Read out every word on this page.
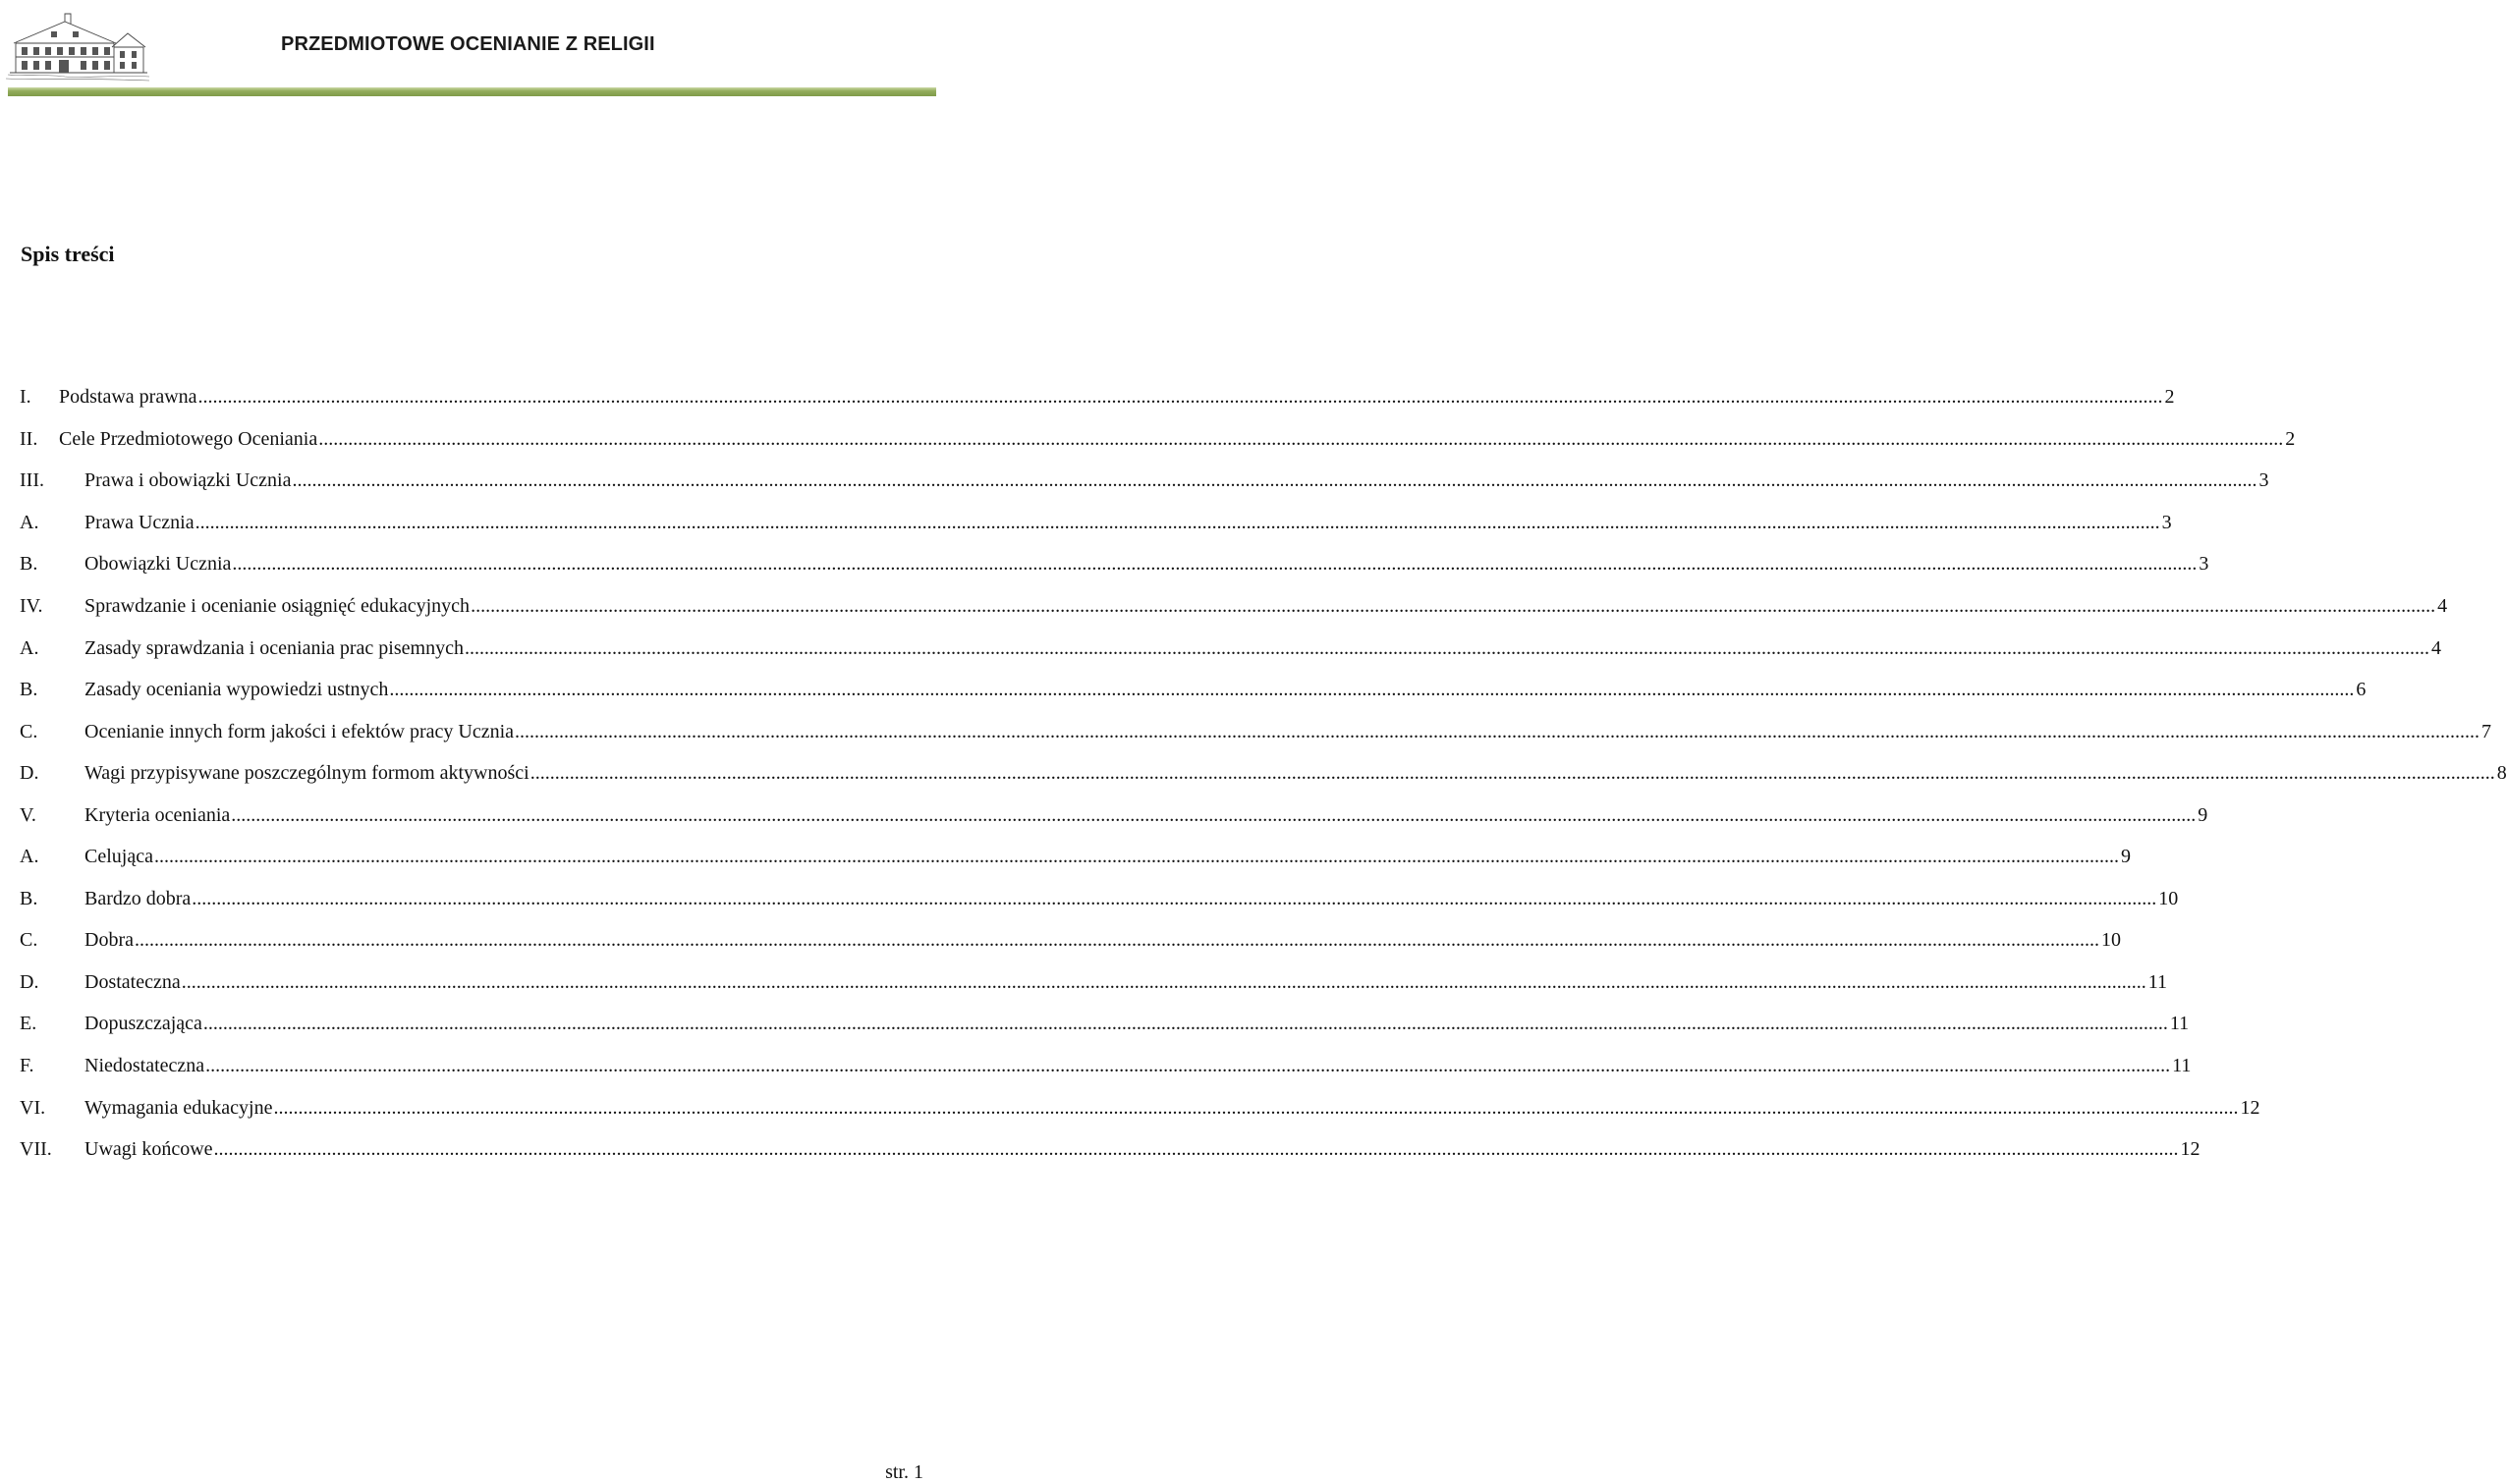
PRZEDMIOTOWE OCENIANIE Z RELIGII
Spis treści
I.	Podstawa prawna ................................................................................................................................................................................................................................................................................................................................................................................................................ 2
II.	Cele Przedmiotowego Oceniania ................................................................................................................................................................................................................................................................................................................................................................................................................ 2
III.	Prawa i obowiązki Ucznia ................................................................................................................................................................................................................................................................................................................................................................................................................ 3
A.	Prawa Ucznia ................................................................................................................................................................................................................................................................................................................................................................................................................ 3
B.	Obowiązki Ucznia ................................................................................................................................................................................................................................................................................................................................................................................................................ 3
IV.	Sprawdzanie i ocenianie osiągnięć edukacyjnych ................................................................................................................................................................................................................................................................................................................................................................................................................ 4
A.	Zasady sprawdzania i oceniania prac pisemnych ................................................................................................................................................................................................................................................................................................................................................................................................................ 4
B.	Zasady oceniania wypowiedzi ustnych ................................................................................................................................................................................................................................................................................................................................................................................................................ 6
C.	Ocenianie innych form jakości i efektów pracy Ucznia ................................................................................................................................................................................................................................................................................................................................................................................................................ 7
D.	Wagi przypisywane poszczególnym formom aktywności ................................................................................................................................................................................................................................................................................................................................................................................................................ 8
V.	Kryteria oceniania ................................................................................................................................................................................................................................................................................................................................................................................................................ 9
A.	Celująca ................................................................................................................................................................................................................................................................................................................................................................................................................ 9
B.	Bardzo dobra ................................................................................................................................................................................................................................................................................................................................................................................................................ 10
C.	Dobra ................................................................................................................................................................................................................................................................................................................................................................................................................ 10
D.	Dostateczna ................................................................................................................................................................................................................................................................................................................................................................................................................ 11
E.	Dopuszczająca ................................................................................................................................................................................................................................................................................................................................................................................................................ 11
F.	Niedostateczna ................................................................................................................................................................................................................................................................................................................................................................................................................ 11
VI.	Wymagania edukacyjne ................................................................................................................................................................................................................................................................................................................................................................................................................ 12
VII.	Uwagi końcowe ................................................................................................................................................................................................................................................................................................................................................................................................................ 12
str. 1
